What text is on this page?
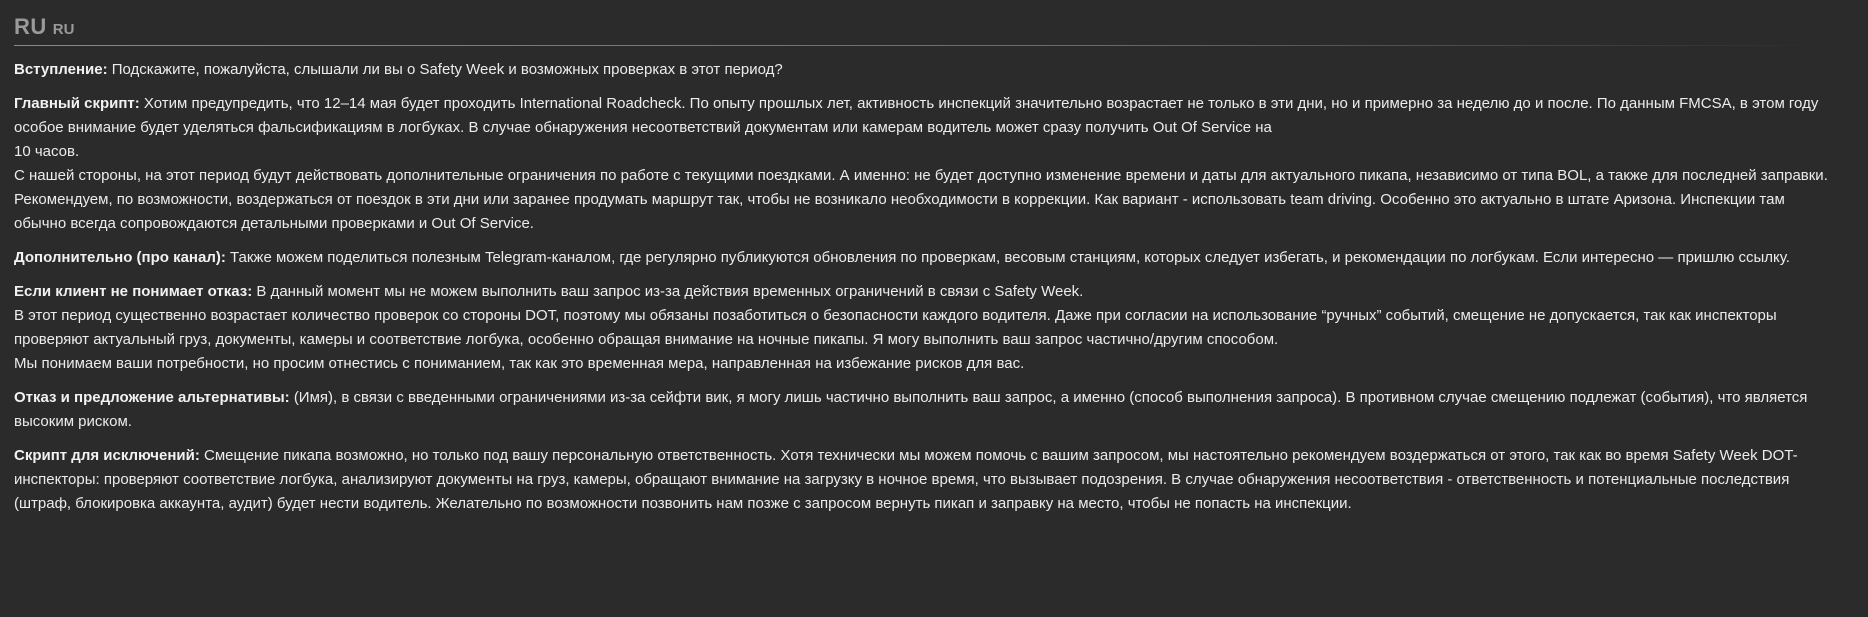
RU RU

Вступление: Подскажите, пожалуйста, слышали ли вы о Safety Week и возможных проверках в этот период?

Главный скрипт: Хотим предупредить, что 12–14 мая будет проходить International Roadcheck. По опыту прошлых лет, активность инспекций значительно возрастает не только в эти дни, но и примерно за неделю до и после. По данным FMCSA, в этом году особое внимание будет уделяться фальсификациям в логбуках. В случае обнаружения несоответствий документам или камерам водитель может сразу получить Out Of Service на

10 часов.

С нашей стороны, на этот период будут действовать дополнительные ограничения по работе с текущими поездками. А именно: не будет доступно изменение времени и даты для актуального пикапа, независимо от типа BOL, а также для последней заправки.

Рекомендуем, по возможности, воздержаться от поездок в эти дни или заранее продумать маршрут так, чтобы не возникало необходимости в коррекции. Как вариант - использовать team driving. Особенно это актуально в штате Аризона. Инспекции там обычно всегда сопровождаются детальными проверками и Out Of Service.

Дополнительно (про канал): Также можем поделиться полезным Telegram-каналом, где регулярно публикуются обновления по проверкам, весовым станциям, которых следует избегать, и рекомендации по логбукам. Если интересно — пришлю ссылку.

Если клиент не понимает отказ: В данный момент мы не можем выполнить ваш запрос из-за действия временных ограничений в связи с Safety Week.

В этот период существенно возрастает количество проверок со стороны DOT, поэтому мы обязаны позаботиться о безопасности каждого водителя. Даже при согласии на использование “ручных” событий, смещение не допускается, так как инспекторы проверяют актуальный груз, документы, камеры и соответствие логбука, особенно обращая внимание на ночные пикапы. Я могу выполнить ваш запрос частично/другим способом.

Мы понимаем ваши потребности, но просим отнестись с пониманием, так как это временная мера, направленная на избежание рисков для вас.

Отказ и предложение альтернативы: (Имя), в связи с введенными ограничениями из-за сейфти вик, я могу лишь частично выполнить ваш запрос, а именно (способ выполнения запроса). В противном случае смещению подлежат (события), что является высоким риском.

Скрипт для исключений: Смещение пикапа возможно, но только под вашу персональную ответственность. Хотя технически мы можем помочь с вашим запросом, мы настоятельно рекомендуем воздержаться от этого, так как во время Safety Week DOT-инспекторы: проверяют соответствие логбука, анализируют документы на груз, камеры, обращают внимание на загрузку в ночное время, что вызывает подозрения. В случае обнаружения несоответствия - ответственность и потенциальные последствия (штраф, блокировка аккаунта, аудит) будет нести водитель. Желательно по возможности позвонить нам позже с запросом вернуть пикап и заправку на место, чтобы не попасть на инспекции.
